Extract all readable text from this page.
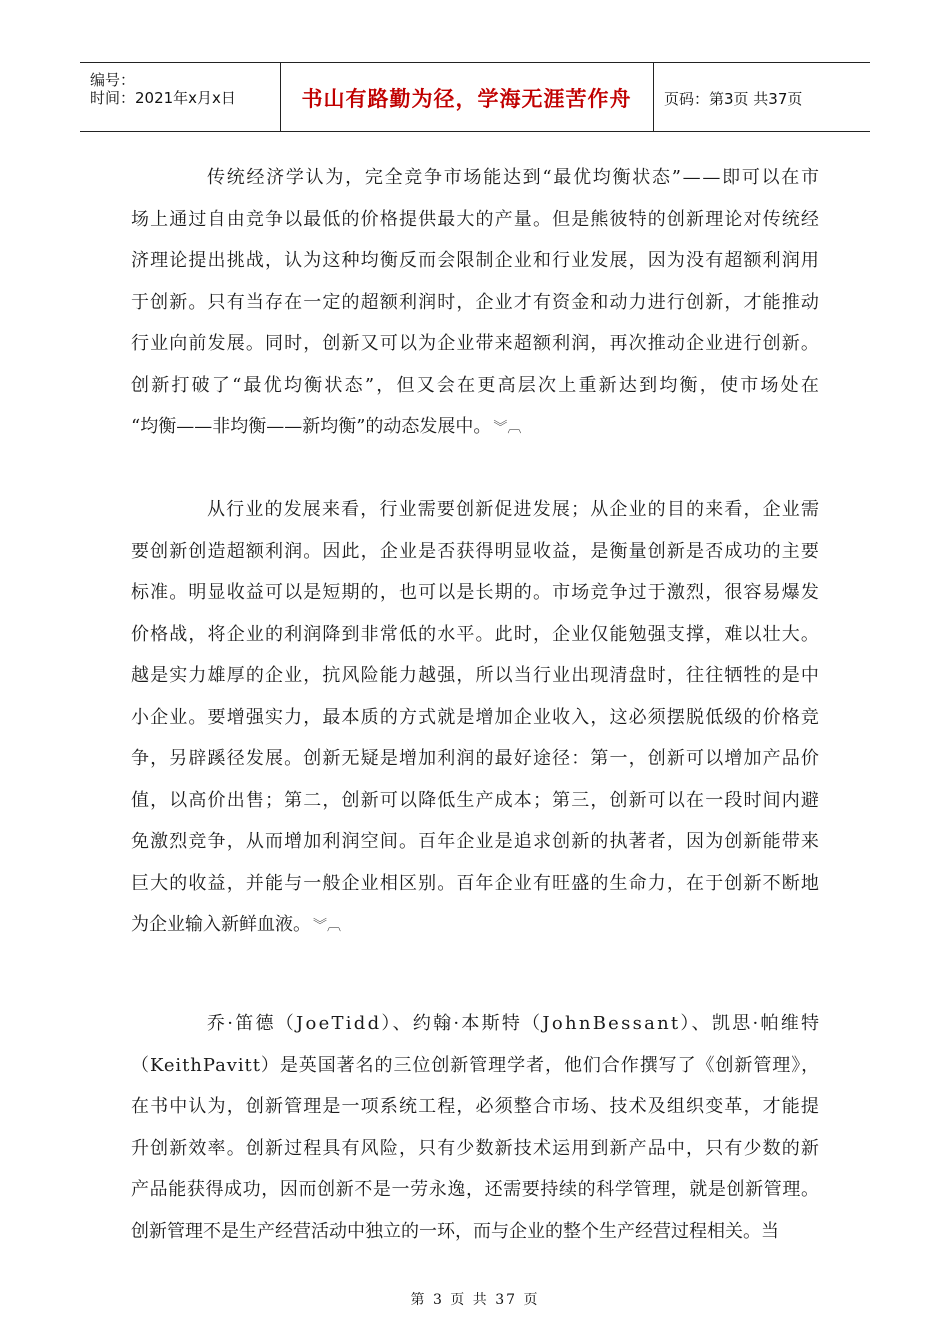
编号：
时间：2021年x月x日	书山有路勤为径，学海无涯苦作舟	页码：第3页 共37页
传统经济学认为，完全竞争市场能达到“最优均衡状态”——即可以在市
场上通过自由竞争以最低的价格提供最大的产量。但是熊彼特的创新理论对传统经
济理论提出挑战，认为这种均衡反而会限制企业和行业发展，因为没有超额利润用
于创新。只有当存在一定的超额利润时，企业才有资金和动力进行创新，才能推动
行业向前发展。同时，创新又可以为企业带来超额利润，再次推动企业进行创新。
创新打破了“最优均衡状态”，但又会在更高层次上重新达到均衡，使市场处在
“均衡——非均衡——新均衡”的动态发展中。 ︾︹
从行业的发展来看，行业需要创新促进发展；从企业的目的来看，企业需
要创新创造超额利润。因此，企业是否获得明显收益，是衡量创新是否成功的主要
标准。明显收益可以是短期的，也可以是长期的。市场竞争过于激烈，很容易爆发
价格战，将企业的利润降到非常低的水平。此时，企业仅能勉强支撑，难以壮大。
越是实力雄厚的企业，抗风险能力越强，所以当行业出现清盘时，往往牺牲的是中
小企业。要增强实力，最本质的方式就是增加企业收入，这必须摆脱低级的价格竞
争，另辟蹊径发展。创新无疑是增加利润的最好途径：第一，创新可以增加产品价
值，以高价出售；第二，创新可以降低生产成本；第三，创新可以在一段时间内避
免激烈竞争，从而增加利润空间。百年企业是追求创新的执著者，因为创新能带来
巨大的收益，并能与一般企业相区别。百年企业有旺盛的生命力，在于创新不断地
为企业输入新鲜血液。 ︾︹
乔·笛德（JoeTidd）、约翰·本斯特（JohnBessant）、凯思·帕维特
（KeithPavitt）是英国著名的三位创新管理学者，他们合作撰写了《创新管理》，
在书中认为，创新管理是一项系统工程，必须整合市场、技术及组织变革，才能提
升创新效率。创新过程具有风险，只有少数新技术运用到新产品中，只有少数的新
产品能获得成功，因而创新不是一劳永逸，还需要持续的科学管理，就是创新管理。
创新管理不是生产经营活动中独立的一环，而与企业的整个生产经营过程相关。当
第 3 页 共 37 页
